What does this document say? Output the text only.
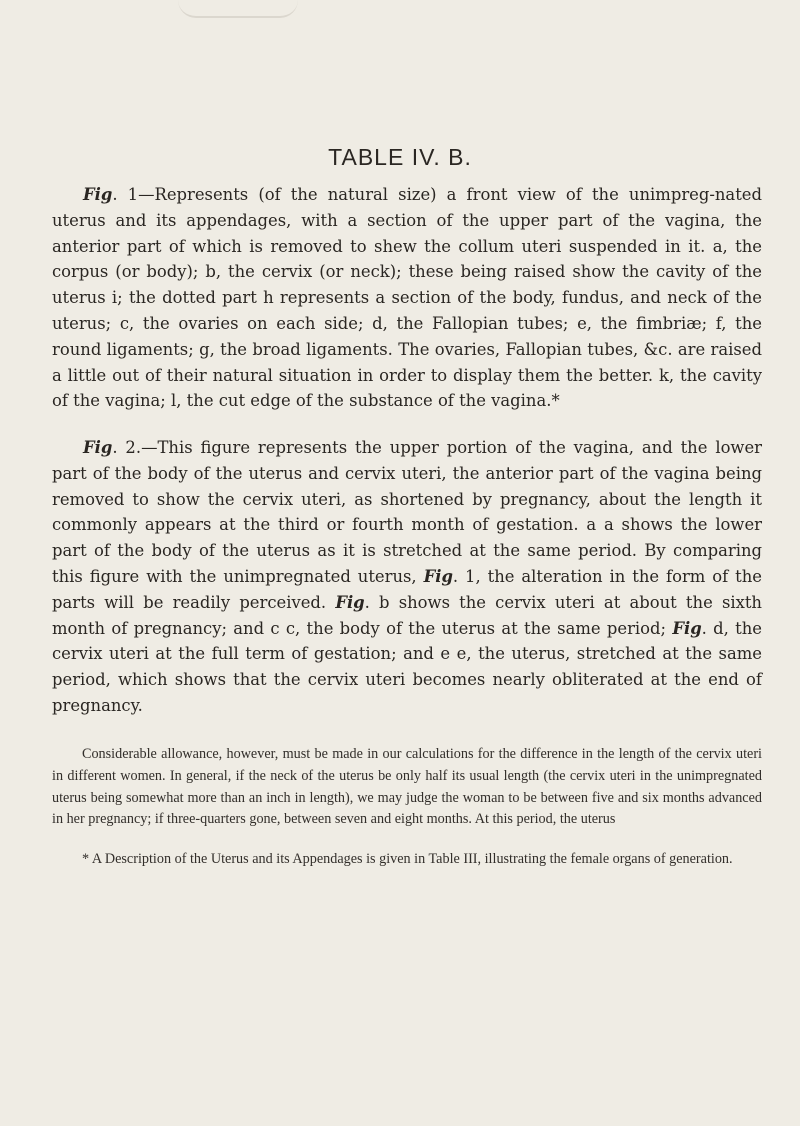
TABLE IV. B.

Fig. 1—Represents (of the natural size) a front view of the unimpreg-nated uterus and its appendages, with a section of the upper part of the vagina, the anterior part of which is removed to shew the collum uteri suspended in it. a, the corpus (or body); b, the cervix (or neck); these being raised show the cavity of the uterus i; the dotted part h represents a section of the body, fundus, and neck of the uterus; c, the ovaries on each side; d, the Fallopian tubes; e, the fimbriæ; f, the round ligaments; g, the broad ligaments. The ovaries, Fallopian tubes, &c. are raised a little out of their natural situation in order to display them the better. k, the cavity of the vagina; l, the cut edge of the substance of the vagina.*

Fig. 2.—This figure represents the upper portion of the vagina, and the lower part of the body of the uterus and cervix uteri, the anterior part of the vagina being removed to show the cervix uteri, as shortened by pregnancy, about the length it commonly appears at the third or fourth month of gestation. a a shows the lower part of the body of the uterus as it is stretched at the same period. By comparing this figure with the unimpregnated uterus, Fig. 1, the alteration in the form of the parts will be readily perceived. Fig. b shows the cervix uteri at about the sixth month of pregnancy; and c c, the body of the uterus at the same period; Fig. d, the cervix uteri at the full term of gestation; and e e, the uterus, stretched at the same period, which shows that the cervix uteri becomes nearly obliterated at the end of pregnancy.

Considerable allowance, however, must be made in our calculations for the difference in the length of the cervix uteri in different women. In general, if the neck of the uterus be only half its usual length (the cervix uteri in the unimpregnated uterus being somewhat more than an inch in length), we may judge the woman to be between five and six months advanced in her pregnancy; if three-quarters gone, between seven and eight months. At this period, the uterus

* A Description of the Uterus and its Appendages is given in Table III, illustrating the female organs of generation.
